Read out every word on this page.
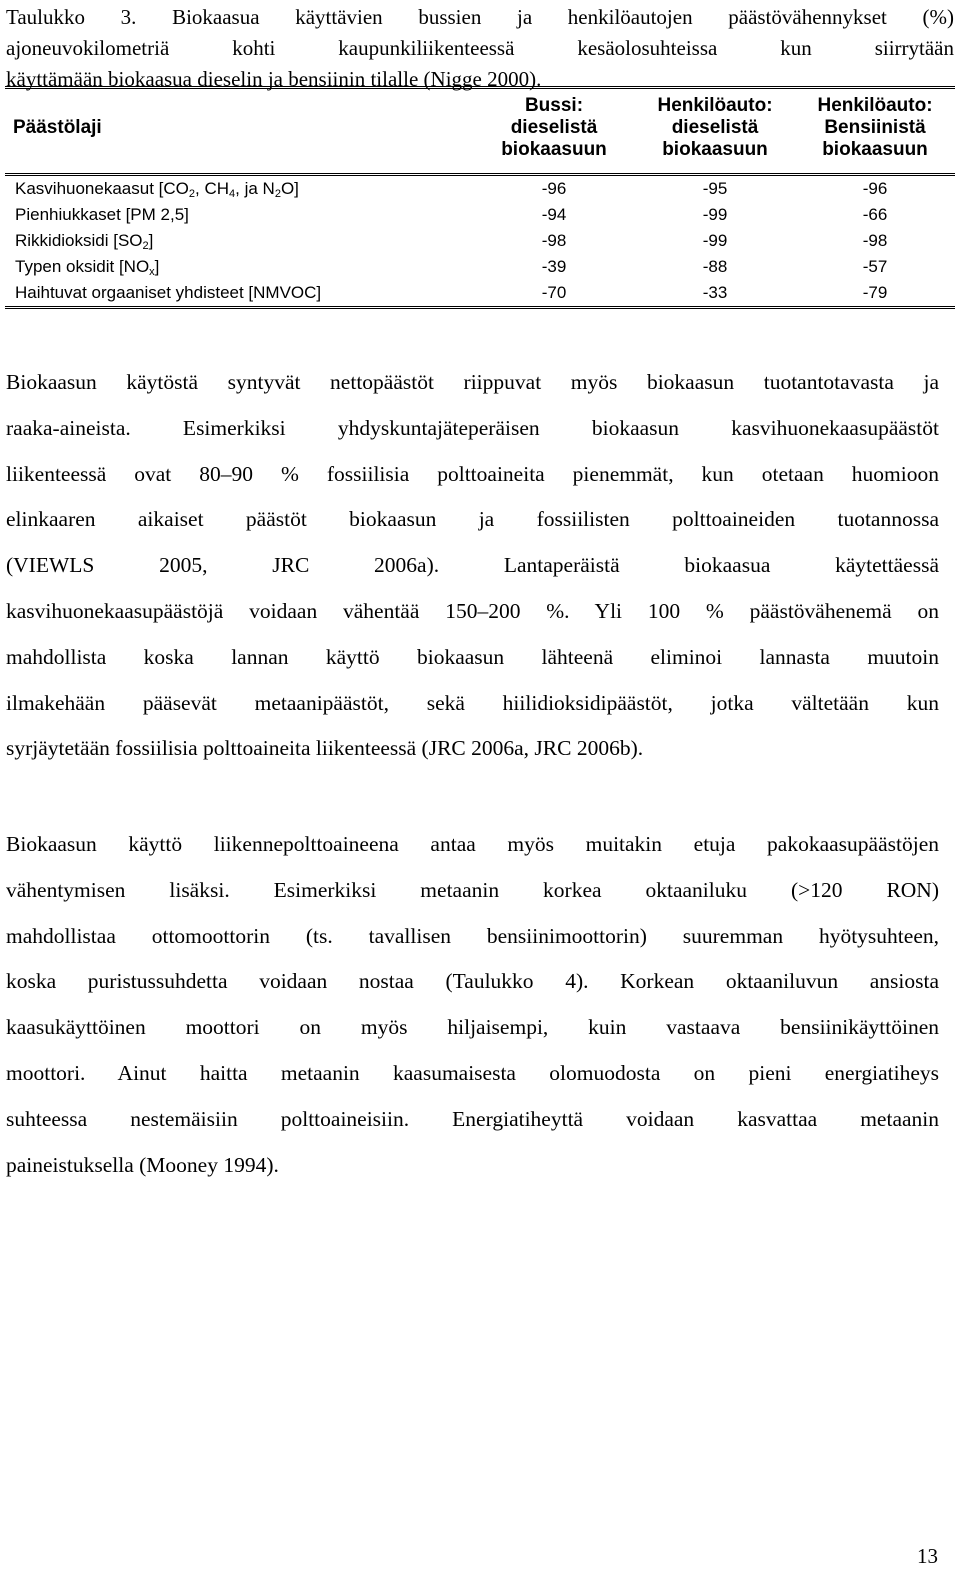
Taulukko 3. Biokaasua käyttävien bussien ja henkilöautojen päästövähennykset (%)
ajoneuvokilometriä kohti kaupunkiliikenteessä kesäolosuhteissa kun siirrytään
käyttämään biokaasua dieselin ja bensiinin tilalle (Nigge 2000).
Päästölaji	Bussi:
dieselistä
biokaasuun	Henkilöauto:
dieselistä
biokaasuun	Henkilöauto:
Bensiinistä
biokaasuun

Kasvihuonekaasut [$CO_2$, $CH_4$, ja $N_2O$]	-96	-95	-96
Pienhiukkaset [PM 2,5]	-94	-99	-66
Rikkidioksidi $[SO_2]$	-98	-99	-98
Typen oksidit $[NO_x]$	-39	-88	-57
Haihtuvat orgaaniset yhdisteet [NMVOC]	-70	-33	-79
Biokaasun käytöstä syntyvät nettopäästöt riippuvat myös biokaasun tuotantotavasta ja
raaka-aineista. Esimerkiksi yhdyskuntajäteperäisen biokaasun kasvihuonekaasupäästöt
liikenteessä ovat 80–90 % fossiilisia polttoaineita pienemmät, kun otetaan huomioon
elinkaaren aikaiset päästöt biokaasun ja fossiilisten polttoaineiden tuotannossa
(VIEWLS 2005, JRC 2006a). Lantaperäistä biokaasua käytettäessä
kasvihuonekaasupäästöjä voidaan vähentää 150–200 %. Yli 100 % päästövähenemä on
mahdollista koska lannan käyttö biokaasun lähteenä eliminoi lannasta muutoin
ilmakehään pääsevät metaanipäästöt, sekä hiilidioksidipäästöt, jotka vältetään kun
syrjäytetään fossiilisia polttoaineita liikenteessä (JRC 2006a, JRC 2006b).
Biokaasun käyttö liikennepolttoaineena antaa myös muitakin etuja pakokaasupäästöjen
vähentymisen lisäksi. Esimerkiksi metaanin korkea oktaaniluku (>120 RON)
mahdollistaa ottomoottorin (ts. tavallisen bensiinimoottorin) suuremman hyötysuhteen,
koska puristussuhdetta voidaan nostaa (Taulukko 4). Korkean oktaaniluvun ansiosta
kaasukäyttöinen moottori on myös hiljaisempi, kuin vastaava bensiinikäyttöinen
moottori. Ainut haitta metaanin kaasumaisesta olomuodosta on pieni energiatiheys
suhteessa nestemäisiin polttoaineisiin. Energiatiheyttä voidaan kasvattaa metaanin
paineistuksella (Mooney 1994).
13
